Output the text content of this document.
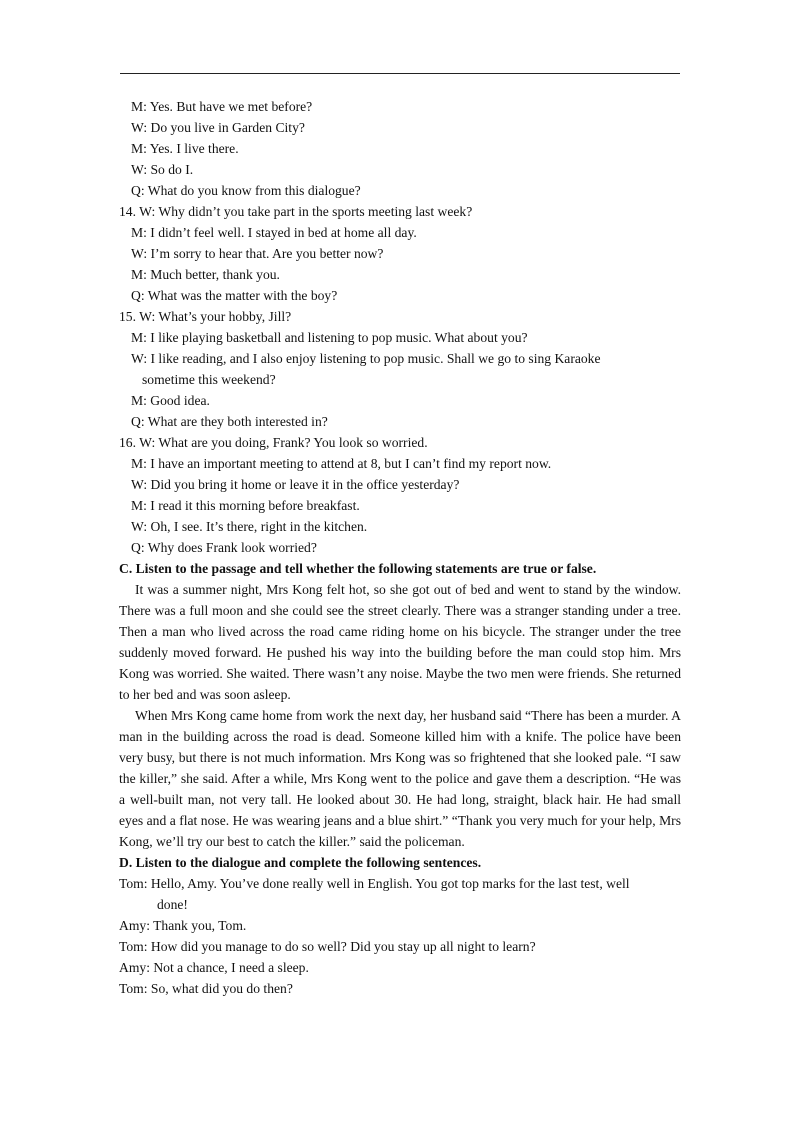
M: Yes. But have we met before?
W: Do you live in Garden City?
M: Yes. I live there.
W: So do I.
Q: What do you know from this dialogue?
14. W: Why didn’t you take part in the sports meeting last week?
M: I didn’t feel well. I stayed in bed at home all day.
W: I’m sorry to hear that. Are you better now?
M: Much better, thank you.
Q: What was the matter with the boy?
15. W: What’s your hobby, Jill?
M: I like playing basketball and listening to pop music. What about you?
W: I like reading, and I also enjoy listening to pop music. Shall we go to sing Karaoke
sometime this weekend?
M: Good idea.
Q: What are they both interested in?
16. W: What are you doing, Frank? You look so worried.
M: I have an important meeting to attend at 8, but I can’t find my report now.
W: Did you bring it home or leave it in the office yesterday?
M: I read it this morning before breakfast.
W: Oh, I see. It’s there, right in the kitchen.
Q: Why does Frank look worried?
C. Listen to the passage and tell whether the following statements are true or false.

It was a summer night, Mrs Kong felt hot, so she got out of bed and went to stand by the window. There was a full moon and she could see the street clearly. There was a stranger standing under a tree. Then a man who lived across the road came riding home on his bicycle. The stranger under the tree suddenly moved forward. He pushed his way into the building before the man could stop him. Mrs Kong was worried. She waited. There wasn’t any noise. Maybe the two men were friends. She returned to her bed and was soon asleep.

When Mrs Kong came home from work the next day, her husband said “There has been a murder. A man in the building across the road is dead. Someone killed him with a knife. The police have been very busy, but there is not much information. Mrs Kong was so frightened that she looked pale. “I saw the killer,” she said. After a while, Mrs Kong went to the police and gave them a description. “He was a well-built man, not very tall. He looked about 30. He had long, straight, black hair. He had small eyes and a flat nose. He was wearing jeans and a blue shirt.” “Thank you very much for your help, Mrs Kong, we’ll try our best to catch the killer.” said the policeman.

D. Listen to the dialogue and complete the following sentences.
Tom: Hello, Amy. You’ve done really well in English. You got top marks for the last test, well
done!
Amy: Thank you, Tom.
Tom: How did you manage to do so well? Did you stay up all night to learn?
Amy: Not a chance, I need a sleep.
Tom: So, what did you do then?
